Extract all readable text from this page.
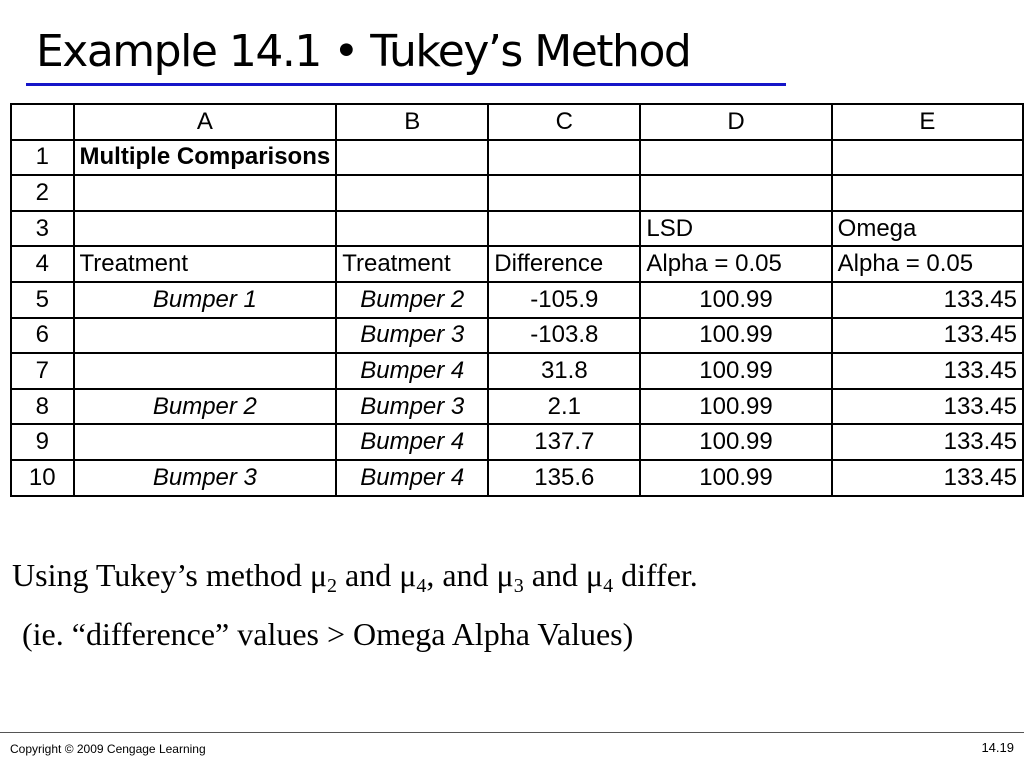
Example 14.1 • Tukey’s Method
	A	B	C	D	E
1	Multiple Comparisons				
2					
3				LSD	Omega
4	Treatment	Treatment	Difference	Alpha = 0.05	Alpha = 0.05
5	Bumper 1	Bumper 2	-105.9	100.99	133.45
6		Bumper 3	-103.8	100.99	133.45
7		Bumper 4	31.8	100.99	133.45
8	Bumper 2	Bumper 3	2.1	100.99	133.45
9		Bumper 4	137.7	100.99	133.45
10	Bumper 3	Bumper 4	135.6	100.99	133.45
Using Tukey’s method $\mu_2$ and $\mu_4$, and $\mu_3$ and $\mu_4$ differ.
(ie. “difference” values > Omega Alpha Values)
Copyright © 2009 Cengage Learning	14.19
